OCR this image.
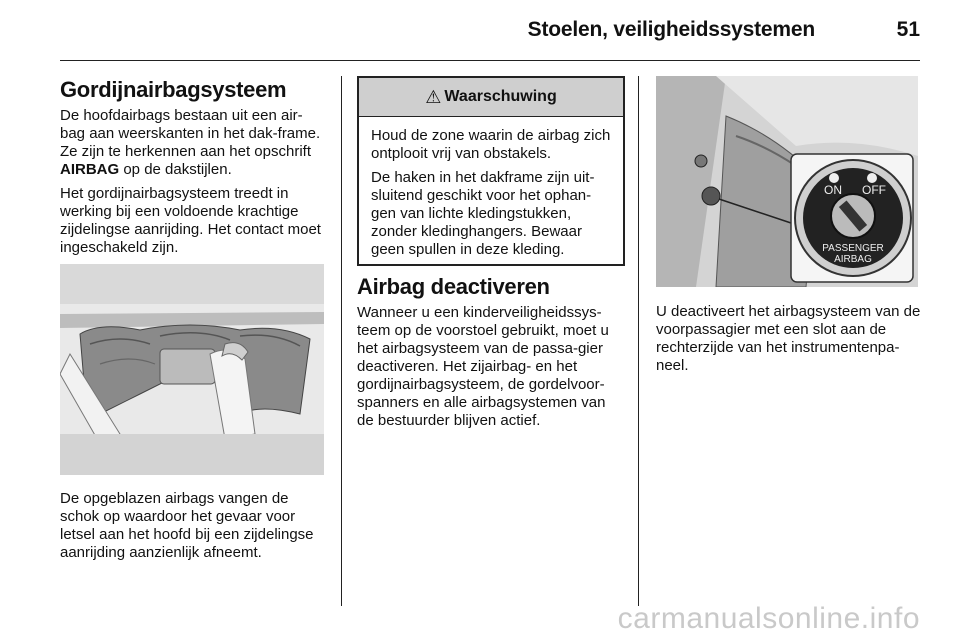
Stoelen, veiligheidssystemen	51
Gordijnairbagsysteem

De hoofdairbags bestaan uit een air-bag aan weerskanten in het dak-frame. Ze zijn te herkennen aan het opschrift AIRBAG op de dakstijlen.

Het gordijnairbagsysteem treedt in werking bij een voldoende krachtige zijdelingse aanrijding. Het contact moet ingeschakeld zijn.

De opgeblazen airbags vangen de schok op waardoor het gevaar voor letsel aan het hoofd bij een zijdelingse aanrijding aanzienlijk afneemt.

⚠ Waarschuwing

Houd de zone waarin de airbag zich ontplooit vrij van obstakels.

De haken in het dakframe zijn uit-sluitend geschikt voor het ophan-gen van lichte kledingstukken, zonder kledinghangers. Bewaar geen spullen in deze kleding.

Airbag deactiveren

Wanneer u een kinderveiligheidssys-teem op de voorstoel gebruikt, moet u het airbagsysteem van de passa-gier deactiveren. Het zijairbag- en het gordijnairbagsysteem, de gordelvoor-spanners en alle airbagsystemen van de bestuurder blijven actief.

ON OFF
PASSENGER
AIRBAG

U deactiveert het airbagsysteem van de voorpassagier met een slot aan de rechterzijde van het instrumentenpa-neel.

carmanualsonline.info
